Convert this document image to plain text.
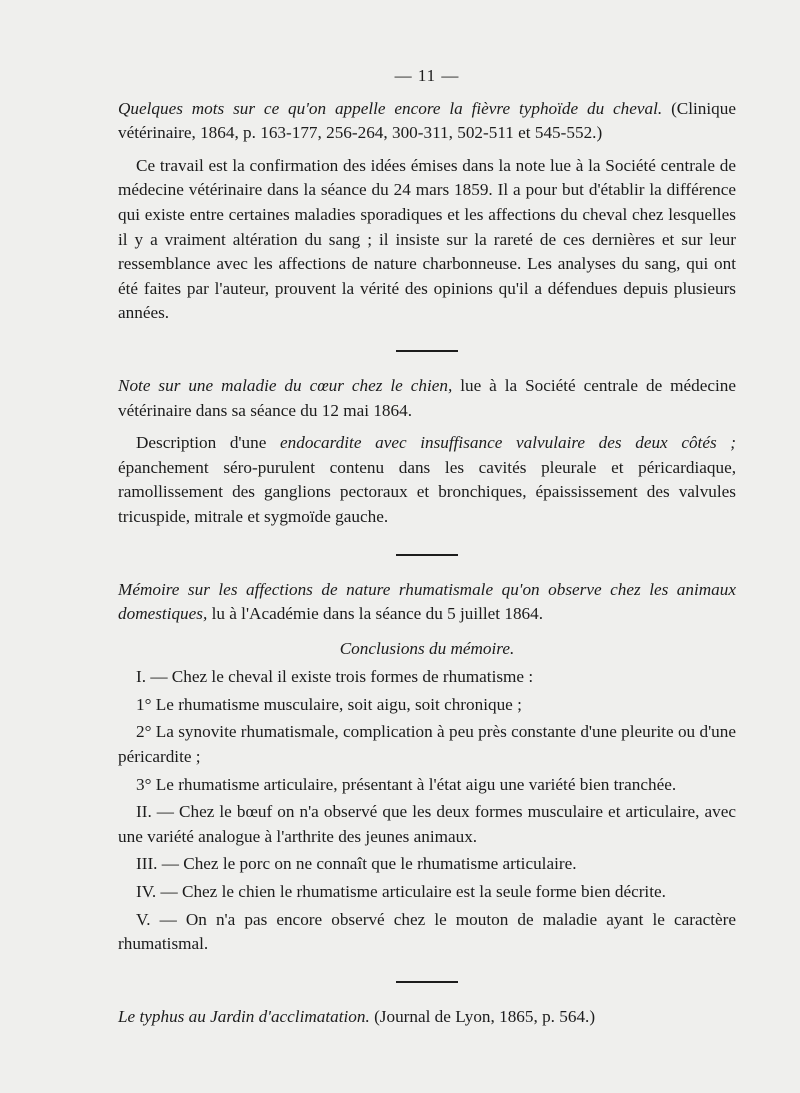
— 11 —

Quelques mots sur ce qu'on appelle encore la fièvre typhoïde du cheval. (Clinique vétérinaire, 1864, p. 163-177, 256-264, 300-311, 502-511 et 545-552.)

Ce travail est la confirmation des idées émises dans la note lue à la Société centrale de médecine vétérinaire dans la séance du 24 mars 1859. Il a pour but d'établir la différence qui existe entre certaines maladies sporadiques et les affections du cheval chez lesquelles il y a vraiment altération du sang ; il insiste sur la rareté de ces dernières et sur leur ressemblance avec les affections de nature charbonneuse. Les analyses du sang, qui ont été faites par l'auteur, prouvent la vérité des opinions qu'il a défendues depuis plusieurs années.

Note sur une maladie du cœur chez le chien, lue à la Société centrale de médecine vétérinaire dans sa séance du 12 mai 1864.

Description d'une endocardite avec insuffisance valvulaire des deux côtés ; épanchement séro-purulent contenu dans les cavités pleurale et péricardiaque, ramollissement des ganglions pectoraux et bronchiques, épaississement des valvules tricuspide, mitrale et sygmoïde gauche.

Mémoire sur les affections de nature rhumatismale qu'on observe chez les animaux domestiques, lu à l'Académie dans la séance du 5 juillet 1864.

Conclusions du mémoire.

I. — Chez le cheval il existe trois formes de rhumatisme :

1° Le rhumatisme musculaire, soit aigu, soit chronique ;

2° La synovite rhumatismale, complication à peu près constante d'une pleurite ou d'une péricardite ;

3° Le rhumatisme articulaire, présentant à l'état aigu une variété bien tranchée.

II. — Chez le bœuf on n'a observé que les deux formes musculaire et articulaire, avec une variété analogue à l'arthrite des jeunes animaux.

III. — Chez le porc on ne connaît que le rhumatisme articulaire.

IV. — Chez le chien le rhumatisme articulaire est la seule forme bien décrite.

V. — On n'a pas encore observé chez le mouton de maladie ayant le caractère rhumatismal.

Le typhus au Jardin d'acclimatation. (Journal de Lyon, 1865, p. 564.)
